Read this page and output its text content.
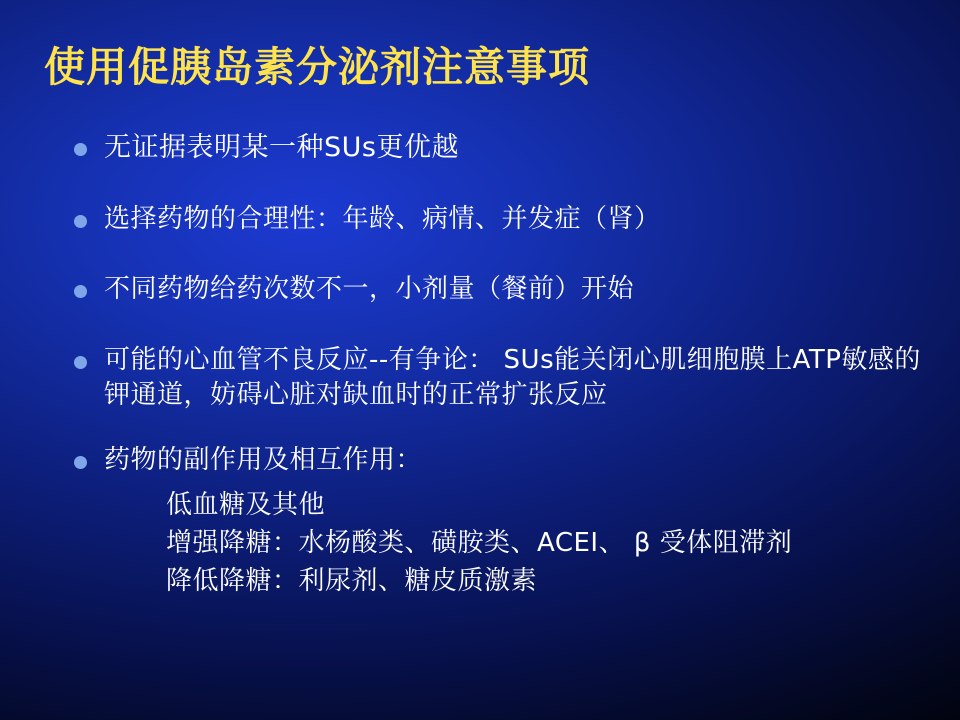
使用促胰岛素分泌剂注意事项
无证据表明某一种SUs更优越
选择药物的合理性：年龄、病情、并发症（肾）
不同药物给药次数不一，小剂量（餐前）开始
可能的心血管不良反应--有争论： SUs能关闭心肌细胞膜上ATP敏感的钾通道，妨碍心脏对缺血时的正常扩张反应
药物的副作用及相互作用：
低血糖及其他
增强降糖：水杨酸类、磺胺类、ACEI、 β 受体阻滞剂
降低降糖：利尿剂、糖皮质激素
